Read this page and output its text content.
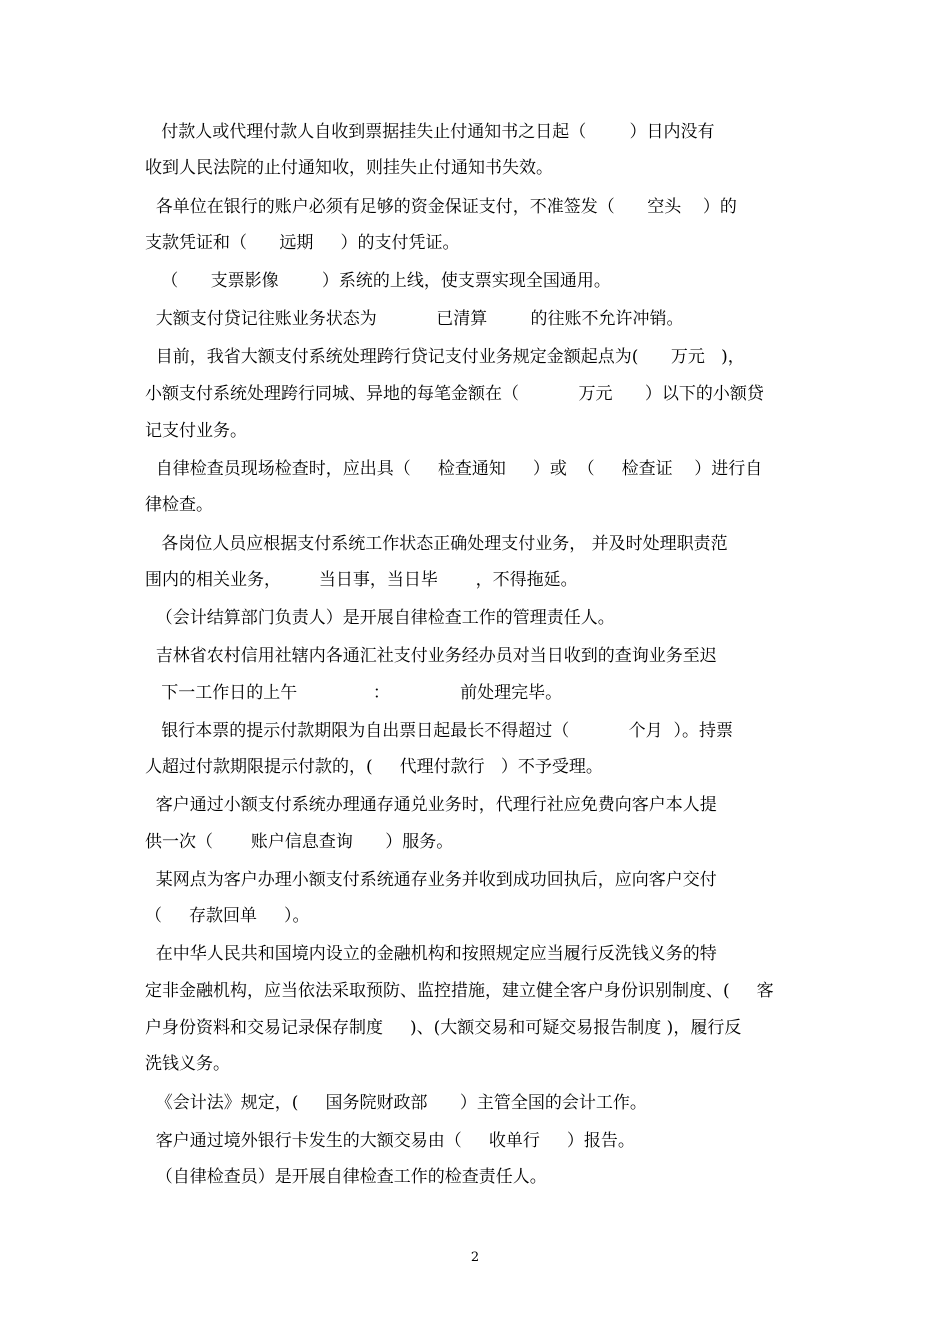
付款人或代理付款人自收到票据挂失止付通知书之日起（        ）日内没有
收到人民法院的止付通知收，则挂失止付通知书失效。
各单位在银行的账户必须有足够的资金保证支付，不准签发（      空头    ）的
支款凭证和（      远期     ）的支付凭证。
（      支票影像        ）系统的上线，使支票实现全国通用。
大额支付贷记往账业务状态为           已清算        的往账不允许冲销。
目前，我省大额支付系统处理跨行贷记支付业务规定金额起点为(      万元   )，
小额支付系统处理跨行同城、异地的每笔金额在（           万元      ）以下的小额贷
记支付业务。
自律检查员现场检查时，应出具（     检查通知     ）或  （     检查证    ）进行自
律检查。
各岗位人员应根据支付系统工作状态正确处理支付业务， 并及时处理职责范
围内的相关业务，       当日事，当日毕       ，不得拖延。
（会计结算部门负责人）是开展自律检查工作的管理责任人。
吉林省农村信用社辖内各通汇社支付业务经办员对当日收到的查询业务至迟
下一工作日的上午              ：             前处理完毕。
银行本票的提示付款期限为自出票日起最长不得超过（           个月  ）。持票
人超过付款期限提示付款的，(     代理付款行   ）不予受理。
客户通过小额支付系统办理通存通兑业务时，代理行社应免费向客户本人提
供一次（       账户信息查询      ）服务。
某网点为客户办理小额支付系统通存业务并收到成功回执后，应向客户交付
（     存款回单     ）。
在中华人民共和国境内设立的金融机构和按照规定应当履行反洗钱义务的特
定非金融机构，应当依法采取预防、监控措施，建立健全客户身份识别制度、(     客
户身份资料和交易记录保存制度     )、(大额交易和可疑交易报告制度 )，履行反
洗钱义务。
《会计法》规定，(     国务院财政部      ）主管全国的会计工作。
客户通过境外银行卡发生的大额交易由（     收单行     ）报告。
（自律检查员）是开展自律检查工作的检查责任人。
2
